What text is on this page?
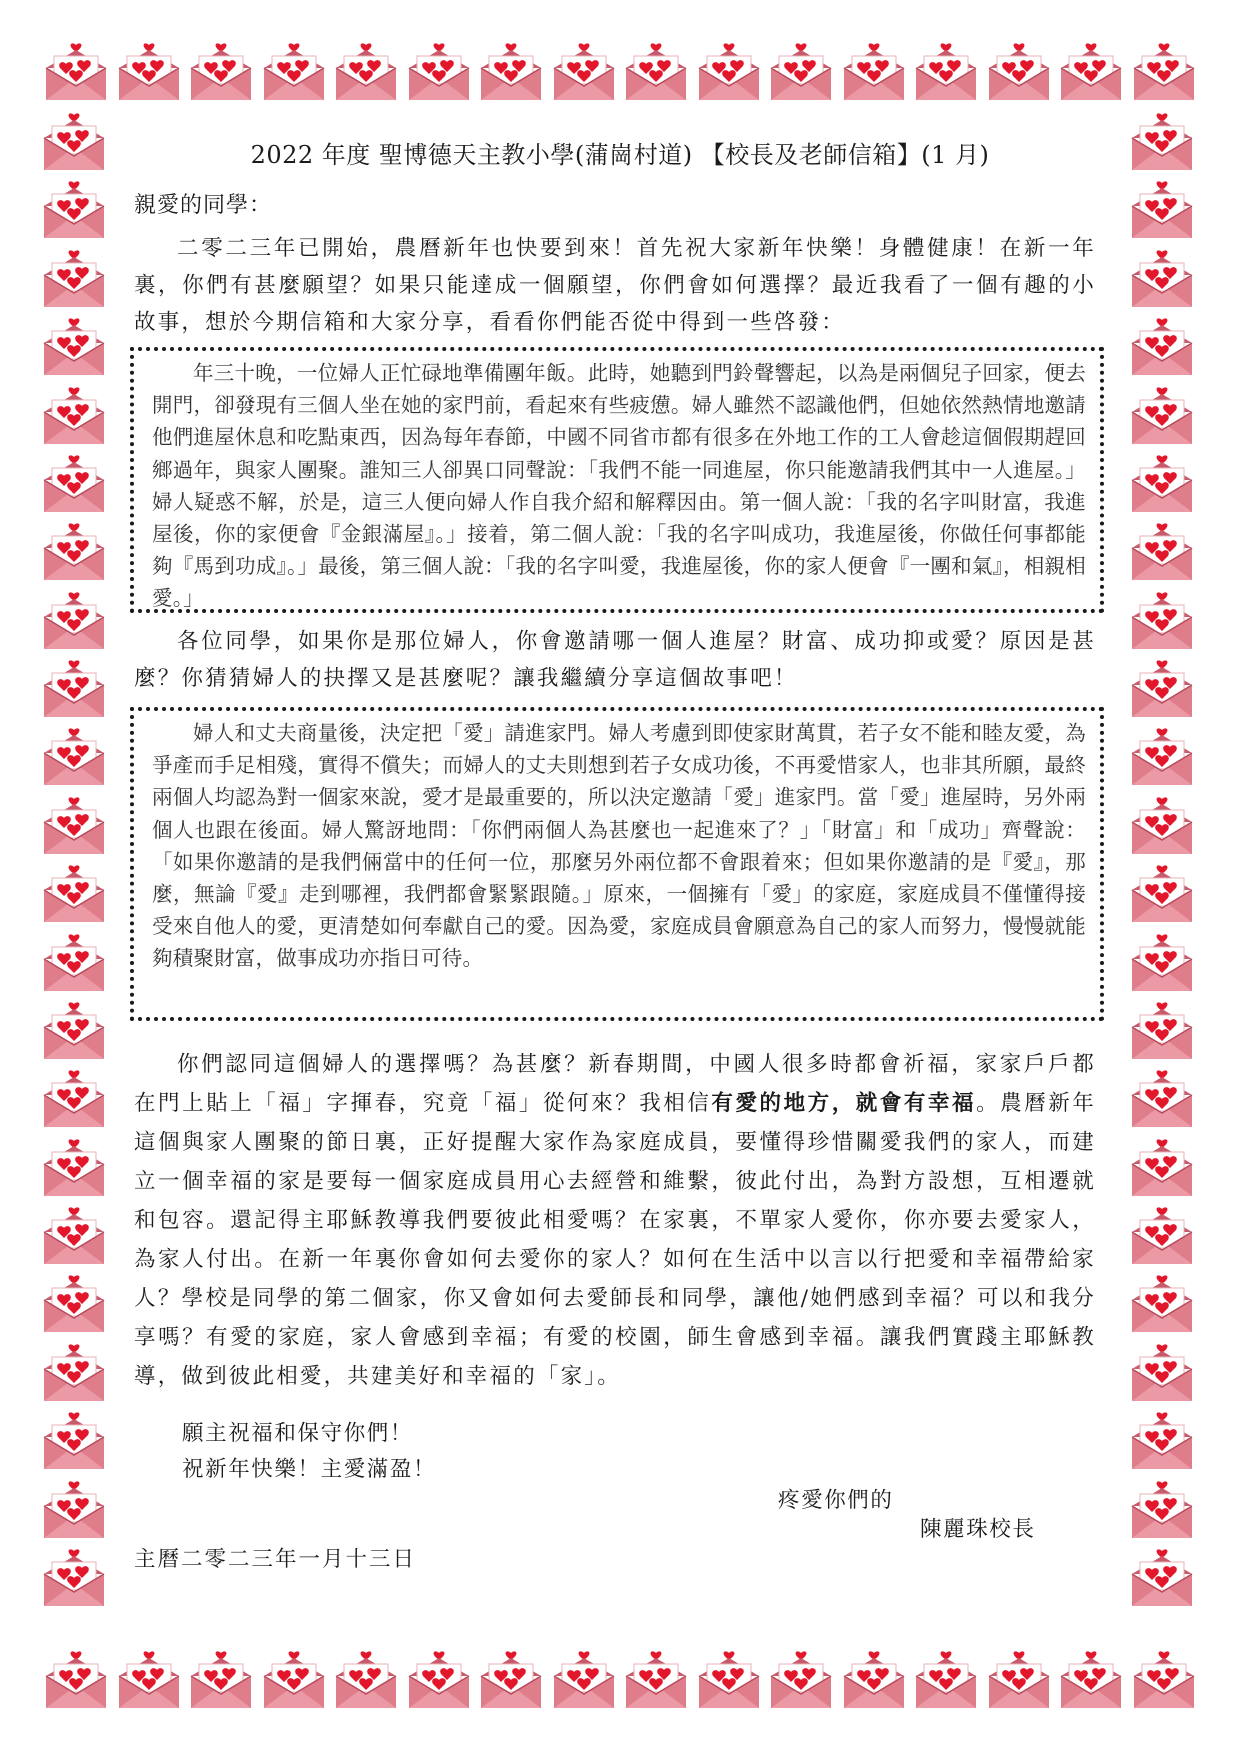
2022 年度 聖博德天主教小學(蒲崗村道) 【校長及老師信箱】(1 月)

親愛的同學：

二零二三年已開始，農曆新年也快要到來！首先祝大家新年快樂！身體健康！在新一年裏，你們有甚麼願望？如果只能達成一個願望，你們會如何選擇？最近我看了一個有趣的小故事，想於今期信箱和大家分享，看看你們能否從中得到一些啓發：

年三十晚，一位婦人正忙碌地準備團年飯。此時，她聽到門鈴聲響起，以為是兩個兒子回家，便去開門，卻發現有三個人坐在她的家門前，看起來有些疲憊。婦人雖然不認識他們，但她依然熱情地邀請他們進屋休息和吃點東西，因為每年春節，中國不同省市都有很多在外地工作的工人會趁這個假期趕回鄉過年，與家人團聚。誰知三人卻異口同聲說：「我們不能一同進屋，你只能邀請我們其中一人進屋。」婦人疑惑不解，於是，這三人便向婦人作自我介紹和解釋因由。第一個人說：「我的名字叫財富，我進屋後，你的家便會『金銀滿屋』。」接着，第二個人說：「我的名字叫成功，我進屋後，你做任何事都能夠『馬到功成』。」最後，第三個人說：「我的名字叫愛，我進屋後，你的家人便會『一團和氣』，相親相愛。」

各位同學，如果你是那位婦人，你會邀請哪一個人進屋？財富、成功抑或愛？原因是甚麼？你猜猜婦人的抉擇又是甚麼呢？讓我繼續分享這個故事吧！

婦人和丈夫商量後，決定把「愛」請進家門。婦人考慮到即使家財萬貫，若子女不能和睦友愛，為爭產而手足相殘，實得不償失；而婦人的丈夫則想到若子女成功後，不再愛惜家人，也非其所願，最終兩個人均認為對一個家來說，愛才是最重要的，所以決定邀請「愛」進家門。當「愛」進屋時，另外兩個人也跟在後面。婦人驚訝地問：「你們兩個人為甚麼也一起進來了？」「財富」和「成功」齊聲說：「如果你邀請的是我們倆當中的任何一位，那麼另外兩位都不會跟着來；但如果你邀請的是『愛』，那麼，無論『愛』走到哪裡，我們都會緊緊跟隨。」原來，一個擁有「愛」的家庭，家庭成員不僅懂得接受來自他人的愛，更清楚如何奉獻自己的愛。因為愛，家庭成員會願意為自己的家人而努力，慢慢就能夠積聚財富，做事成功亦指日可待。

你們認同這個婦人的選擇嗎？為甚麼？新春期間，中國人很多時都會祈福，家家戶戶都在門上貼上「福」字揮春，究竟「福」從何來？我相信有愛的地方，就會有幸福。農曆新年這個與家人團聚的節日裏，正好提醒大家作為家庭成員，要懂得珍惜關愛我們的家人，而建立一個幸福的家是要每一個家庭成員用心去經營和維繫，彼此付出，為對方設想，互相遷就和包容。還記得主耶穌教導我們要彼此相愛嗎？在家裏，不單家人愛你，你亦要去愛家人，為家人付出。在新一年裏你會如何去愛你的家人？如何在生活中以言以行把愛和幸福帶給家人？學校是同學的第二個家，你又會如何去愛師長和同學，讓他/她們感到幸福？可以和我分享嗎？有愛的家庭，家人會感到幸福；有愛的校園，師生會感到幸福。讓我們實踐主耶穌教導，做到彼此相愛，共建美好和幸福的「家」。

願主祝福和保守你們！
祝新年快樂！主愛滿盈！
疼愛你們的
陳麗珠校長
主曆二零二三年一月十三日
